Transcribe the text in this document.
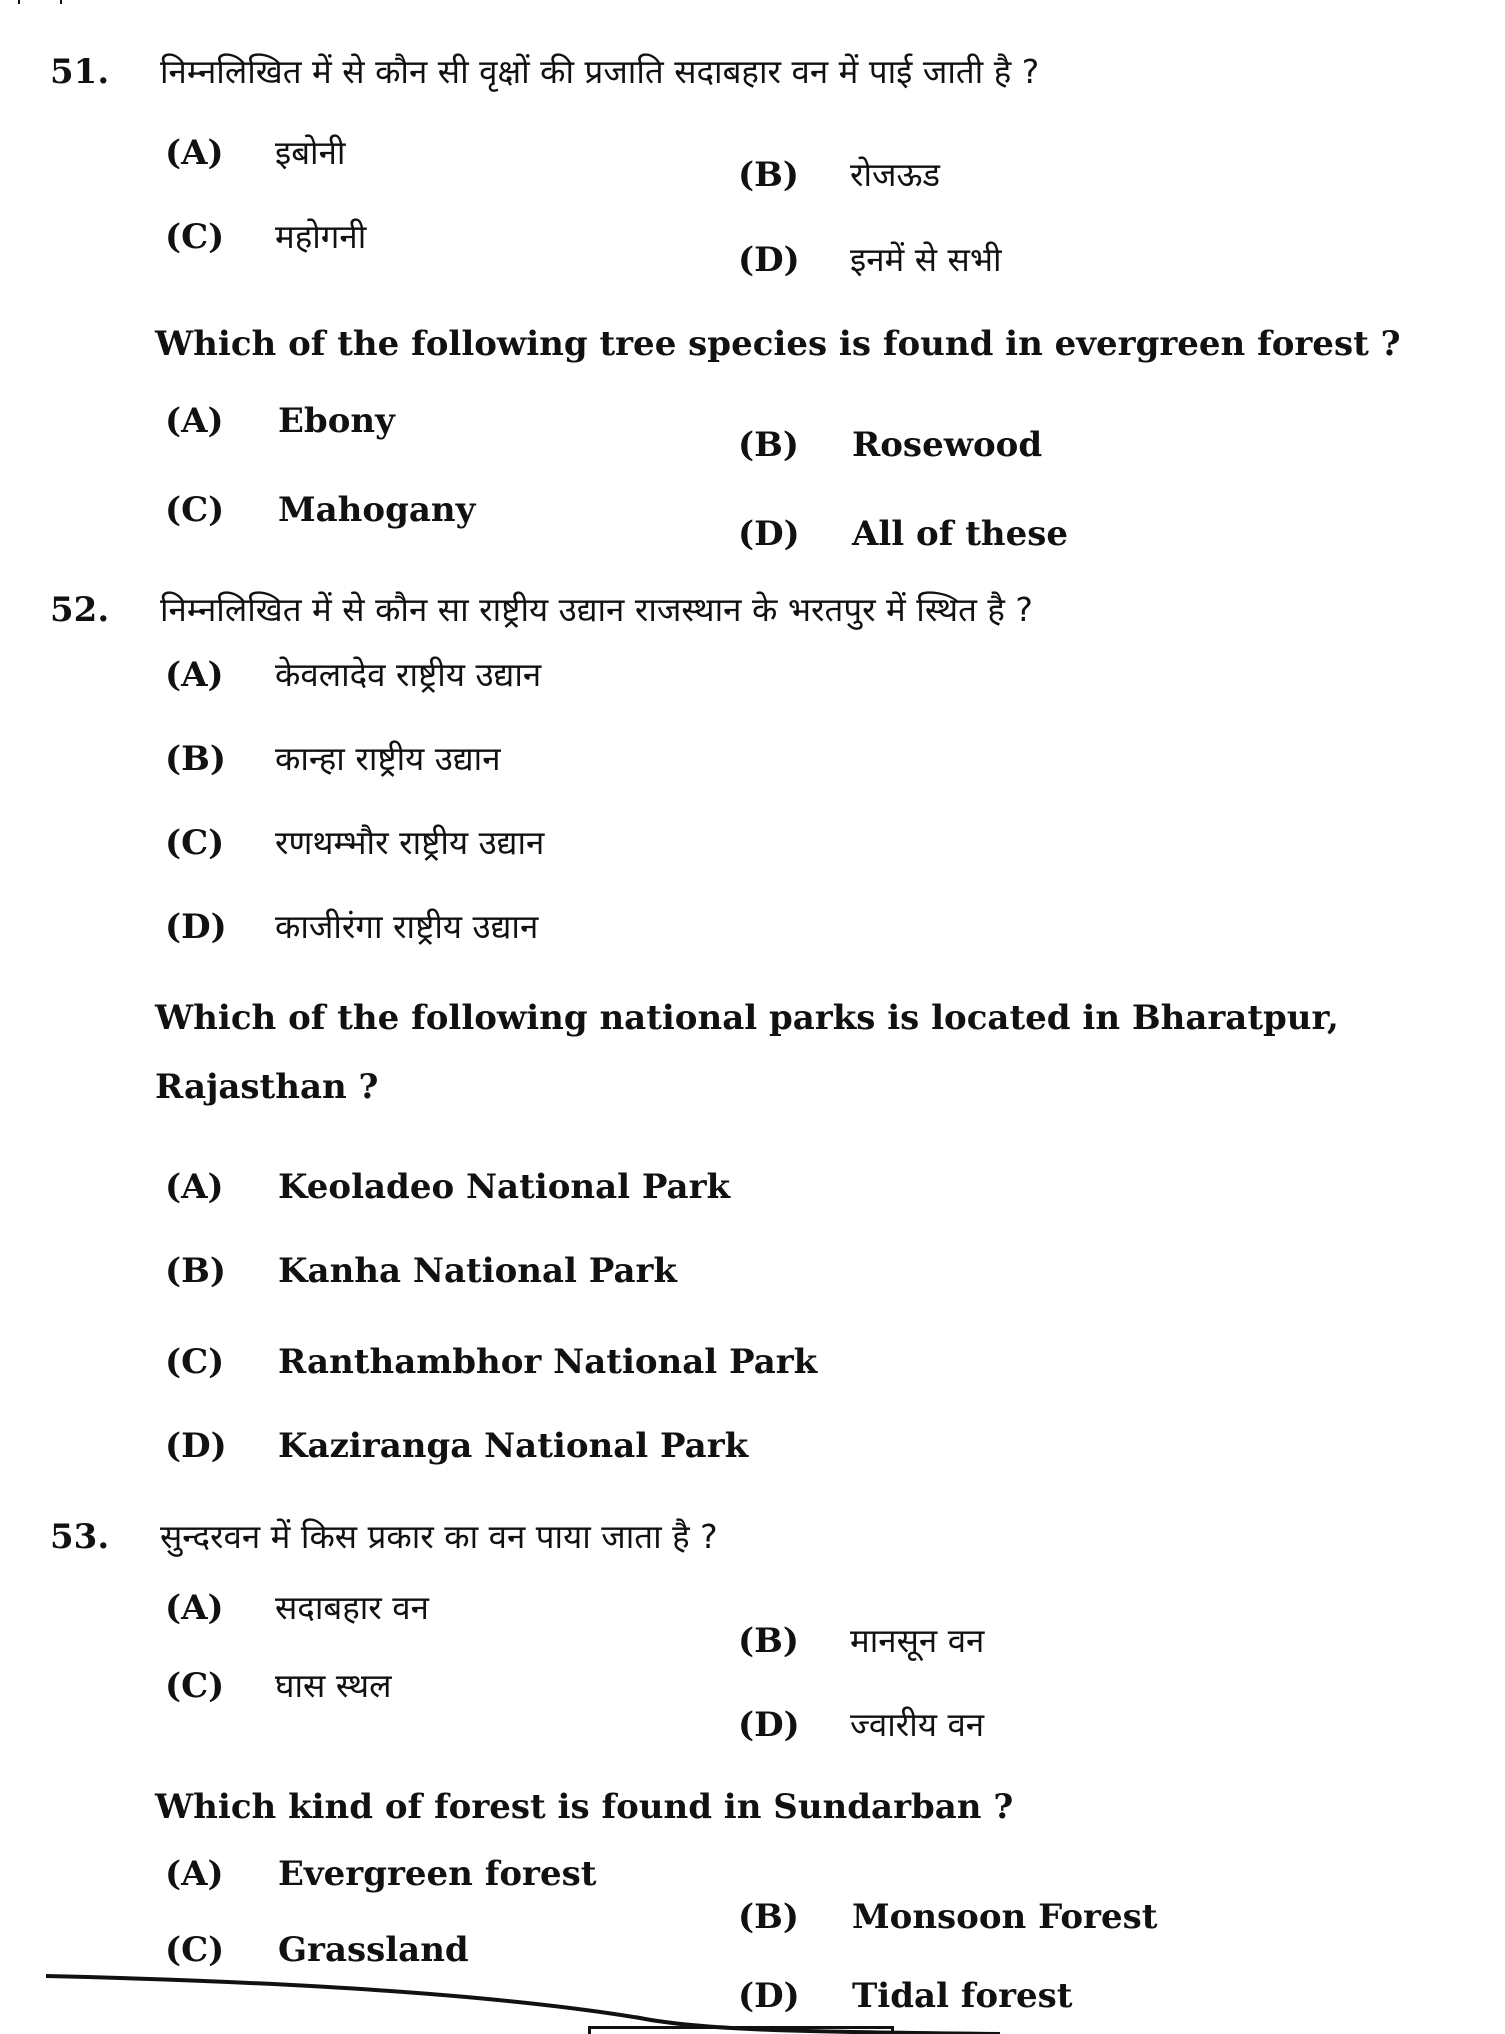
51. निम्नलिखित में से कौन सी वृक्षों की प्रजाति सदाबहार वन में पाई जाती है ?
(A) इबोनी
(B) रोजऊड
(C) महोगनी
(D) इनमें से सभी
Which of the following tree species is found in evergreen forest ?
(A) Ebony
(B) Rosewood
(C) Mahogany
(D) All of these
52. निम्नलिखित में से कौन सा राष्ट्रीय उद्यान राजस्थान के भरतपुर में स्थित है ?
(A) केवलादेव राष्ट्रीय उद्यान
(B) कान्हा राष्ट्रीय उद्यान
(C) रणथम्भौर राष्ट्रीय उद्यान
(D) काजीरंगा राष्ट्रीय उद्यान
Which of the following national parks is located in Bharatpur,
Rajasthan ?
(A) Keoladeo National Park
(B) Kanha National Park
(C) Ranthambhor National Park
(D) Kaziranga National Park
53. सुन्दरवन में किस प्रकार का वन पाया जाता है ?
(A) सदाबहार वन
(B) मानसून वन
(C) घास स्थल
(D) ज्वारीय वन
Which kind of forest is found in Sundarban ?
(A) Evergreen forest
(B) Monsoon Forest
(C) Grassland
(D) Tidal forest
